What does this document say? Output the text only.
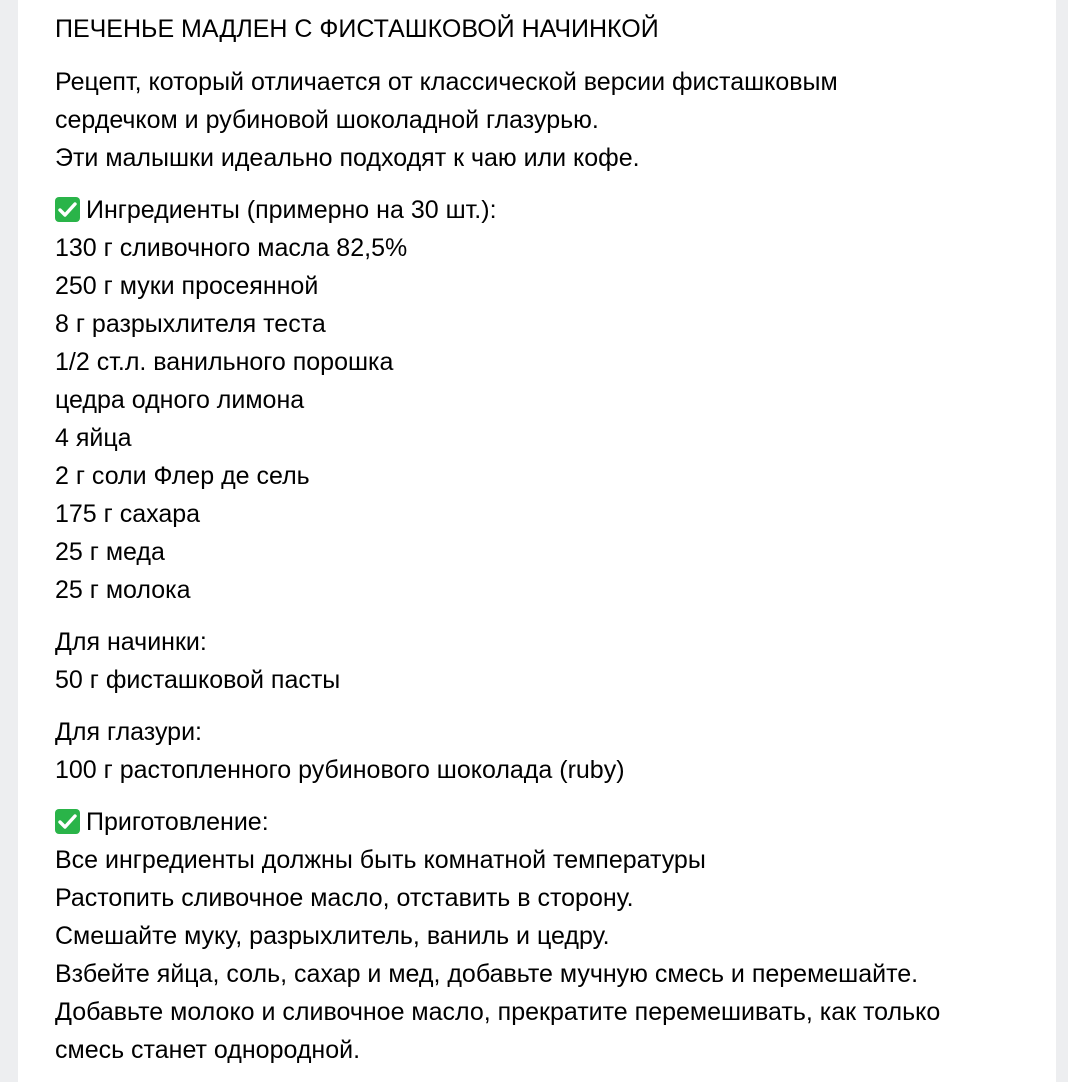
ПЕЧЕНЬЕ МАДЛЕН С ФИСТАШКОВОЙ НАЧИНКОЙ
Рецепт, который отличается от классической версии фисташковым
сердечком и рубиновой шоколадной глазурью.
Эти малышки идеально подходят к чаю или кофе.
Ингредиенты (примерно на 30 шт.):
130 г сливочного масла 82,5%
250 г муки просеянной
8 г разрыхлителя теста
1/2 ст.л. ванильного порошка
цедра одного лимона
4 яйца
2 г соли Флер де сель
175 г сахара
25 г меда
25 г молока
Для начинки:
50 г фисташковой пасты
Для глазури:
100 г растопленного рубинового шоколада (ruby)
Приготовление:
Все ингредиенты должны быть комнатной температуры
Растопить сливочное масло, отставить в сторону.
Смешайте муку, разрыхлитель, ваниль и цедру.
Взбейте яйца, соль, сахар и мед, добавьте мучную смесь и перемешайте.
Добавьте молоко и сливочное масло, прекратите перемешивать, как только
смесь станет однородной.
